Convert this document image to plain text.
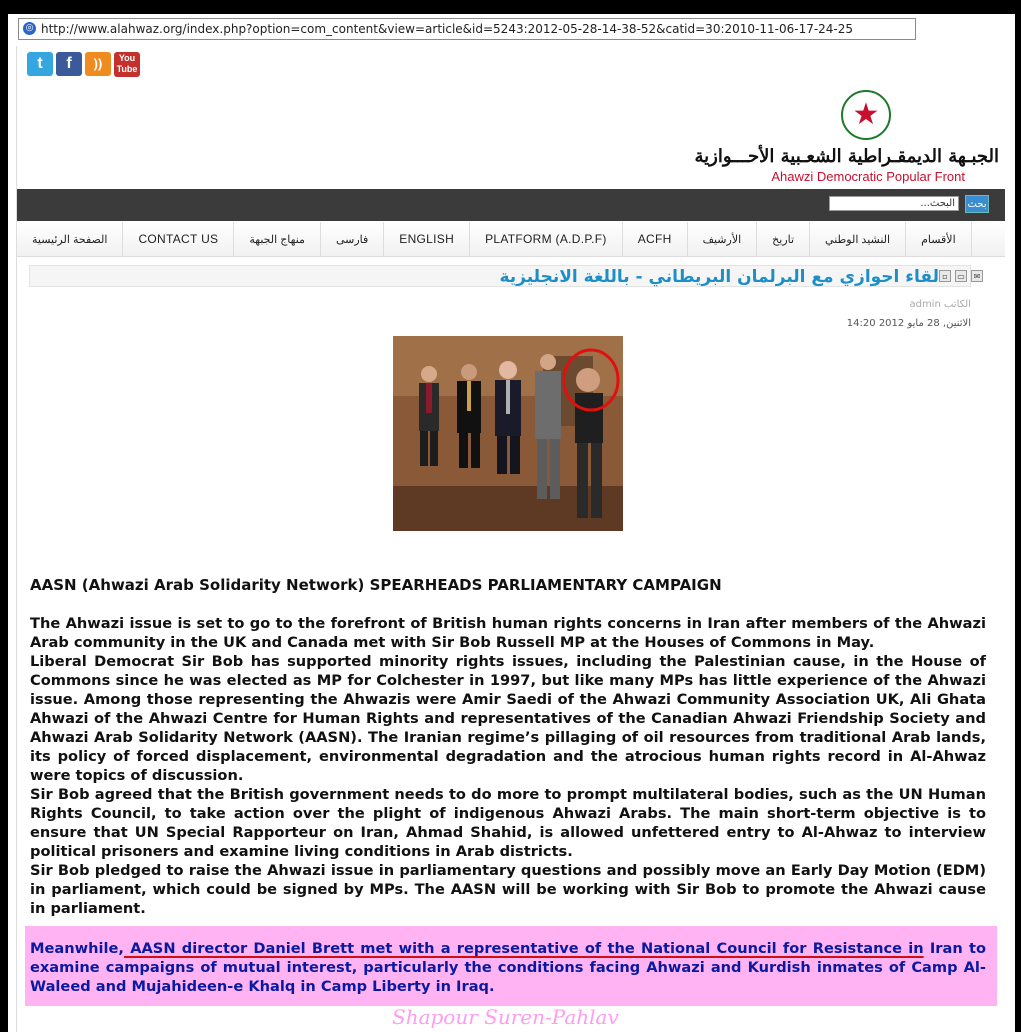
◎ http://www.alahwaz.org/index.php?option=com_content&view=article&id=5243:2012-05-28-14-38-52&catid=30:2010-11-06-17-24-25
t	f	))	You Tube
★
الجبـهة الديمقـراطية الشعـبية الأحـــوازية
Ahawzi Democratic Popular Front
البحث...	بحث
الصفحة الرئيسية	CONTACT US	منهاج الجبهة	فارسی	ENGLISH	PLATFORM (A.D.P.F)	ACFH	الأرشيف	تاريخ	النشيد الوطني	الأقسام
لقاء احوازي مع البرلمان البريطاني - باللغة الانجليزية ▫	▭	✉
الكاتب admin
الاثنين, 28 مايو 2012 14:20
AASN (Ahwazi Arab Solidarity Network) SPEARHEADS PARLIAMENTARY CAMPAIGN

The Ahwazi issue is set to go to the forefront of British human rights concerns in Iran after members of the Ahwazi Arab community in the UK and Canada met with Sir Bob Russell MP at the Houses of Commons in May.

Liberal Democrat Sir Bob has supported minority rights issues, including the Palestinian cause, in the House of Commons since he was elected as MP for Colchester in 1997, but like many MPs has little experience of the Ahwazi issue. Among those representing the Ahwazis were Amir Saedi of the Ahwazi Community Association UK, Ali Ghata Ahwazi of the Ahwazi Centre for Human Rights and representatives of the Canadian Ahwazi Friendship Society and Ahwazi Arab Solidarity Network (AASN). The Iranian regime’s pillaging of oil resources from traditional Arab lands, its policy of forced displacement, environmental degradation and the atrocious human rights record in Al-Ahwaz were topics of discussion.

Sir Bob agreed that the British government needs to do more to prompt multilateral bodies, such as the UN Human Rights Council, to take action over the plight of indigenous Ahwazi Arabs. The main short-term objective is to ensure that UN Special Rapporteur on Iran, Ahmad Shahid, is allowed unfettered entry to Al-Ahwaz to interview political prisoners and examine living conditions in Arab districts.

Sir Bob pledged to raise the Ahwazi issue in parliamentary questions and possibly move an Early Day Motion (EDM) in parliament, which could be signed by MPs. The AASN will be working with Sir Bob to promote the Ahwazi cause in parliament.

Meanwhile, AASN director Daniel Brett met with a representative of the National Council for Resistance in Iran to examine campaigns of mutual interest, particularly the conditions facing Ahwazi and Kurdish inmates of Camp Al-Waleed and Mujahideen-e Khalq in Camp Liberty in Iraq.

Shapour Suren-Pahlav
